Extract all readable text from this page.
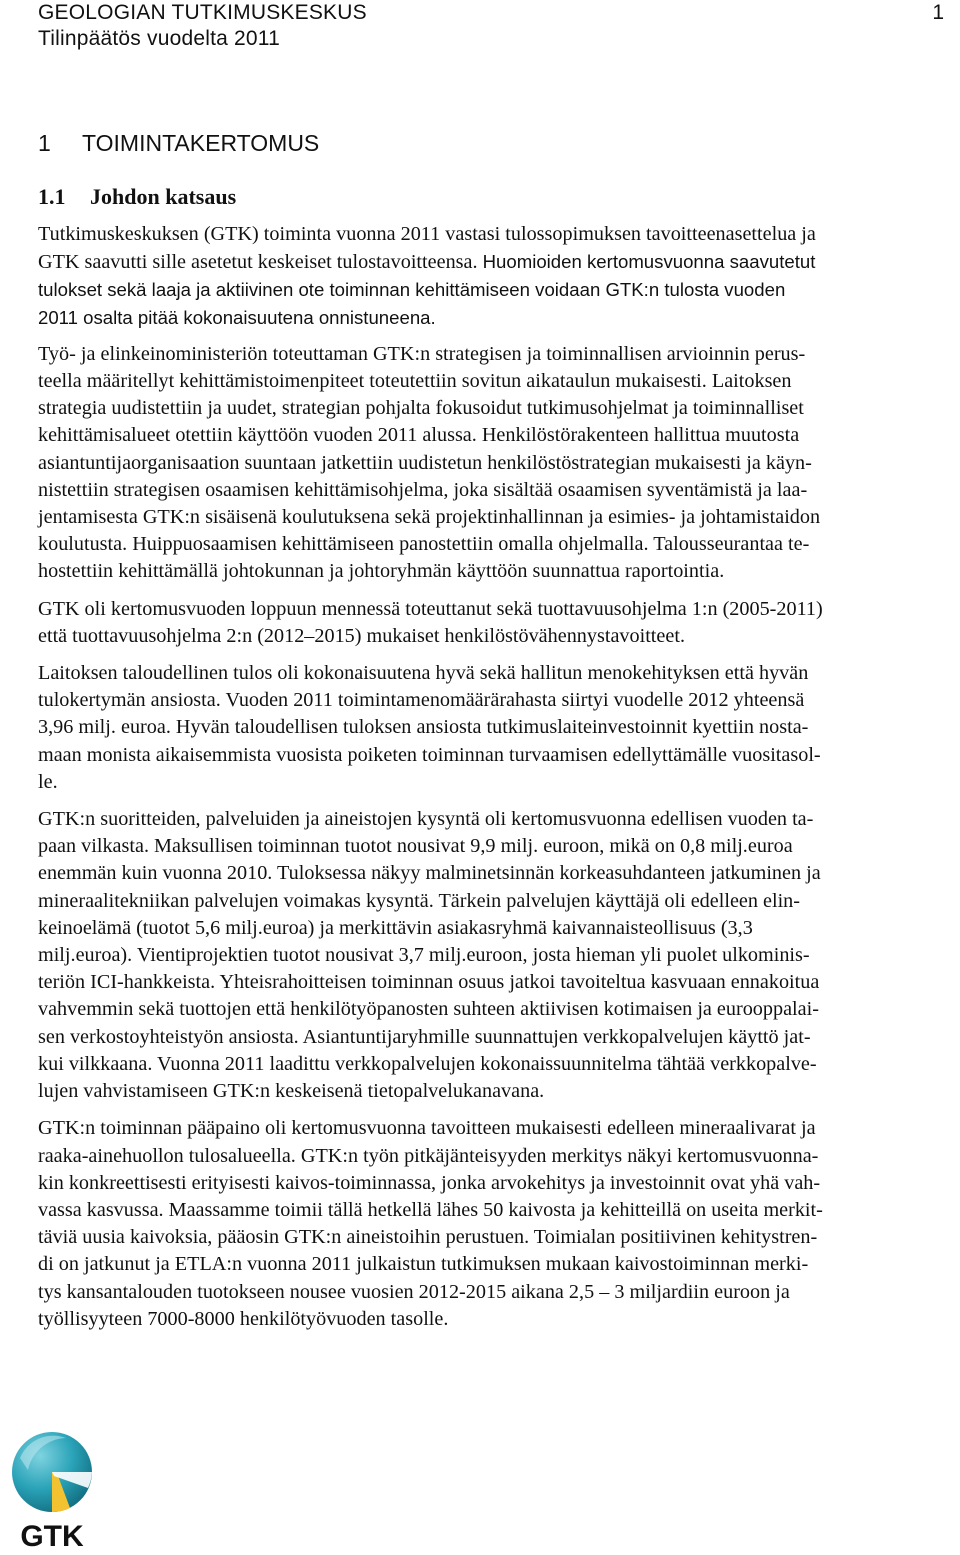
GEOLOGIAN TUTKIMUSKESKUS
Tilinpäätös vuodelta 2011
1
1 TOIMINTAKERTOMUS
1.1 Johdon katsaus

Tutkimuskeskuksen (GTK) toiminta vuonna 2011 vastasi tulossopimuksen tavoitteenasettelua ja
GTK saavutti sille asetetut keskeiset tulostavoitteensa. Huomioiden kertomusvuonna saavutetut
tulokset sekä laaja ja aktiivinen ote toiminnan kehittämiseen voidaan GTK:n tulosta vuoden
2011 osalta pitää kokonaisuutena onnistuneena.

Työ- ja elinkeinoministeriön toteuttaman GTK:n strategisen ja toiminnallisen arvioinnin perus-
teella määritellyt kehittämistoimenpiteet toteutettiin sovitun aikataulun mukaisesti. Laitoksen
strategia uudistettiin ja uudet, strategian pohjalta fokusoidut tutkimusohjelmat ja toiminnalliset
kehittämisalueet otettiin käyttöön vuoden 2011 alussa. Henkilöstörakenteen hallittua muutosta
asiantuntijaorganisaation suuntaan jatkettiin uudistetun henkilöstöstrategian mukaisesti ja käyn-
nistettiin strategisen osaamisen kehittämisohjelma, joka sisältää osaamisen syventämistä ja laa-
jentamisesta GTK:n sisäisenä koulutuksena sekä projektinhallinnan ja esimies- ja johtamistaidon
koulutusta. Huippuosaamisen kehittämiseen panostettiin omalla ohjelmalla. Talousseurantaa te-
hostettiin kehittämällä johtokunnan ja johtoryhmän käyttöön suunnattua raportointia.

GTK oli kertomusvuoden loppuun mennessä toteuttanut sekä tuottavuusohjelma 1:n (2005-2011)
että tuottavuusohjelma 2:n (2012–2015) mukaiset henkilöstövähennystavoitteet.

Laitoksen taloudellinen tulos oli kokonaisuutena hyvä sekä hallitun menokehityksen että hyvän
tulokertymän ansiosta. Vuoden 2011 toimintamenomäärärahasta siirtyi vuodelle 2012 yhteensä
3,96 milj. euroa. Hyvän taloudellisen tuloksen ansiosta tutkimuslaiteinvestoinnit kyettiin nosta-
maan monista aikaisemmista vuosista poiketen toiminnan turvaamisen edellyttämälle vuositasol-
le.

GTK:n suoritteiden, palveluiden ja aineistojen kysyntä oli kertomusvuonna edellisen vuoden ta-
paan vilkasta. Maksullisen toiminnan tuotot nousivat 9,9 milj. euroon, mikä on 0,8 milj.euroa
enemmän kuin vuonna 2010. Tuloksessa näkyy malminetsinnän korkeasuhdanteen jatkuminen ja
mineraalitekniikan palvelujen voimakas kysyntä. Tärkein palvelujen käyttäjä oli edelleen elin-
keinoelämä (tuotot 5,6 milj.euroa) ja merkittävin asiakasryhmä kaivannaisteollisuus (3,3
milj.euroa). Vientiprojektien tuotot nousivat 3,7 milj.euroon, josta hieman yli puolet ulkominis-
teriön ICI-hankkeista. Yhteisrahoitteisen toiminnan osuus jatkoi tavoiteltua kasvuaan ennakoitua
vahvemmin sekä tuottojen että henkilötyöpanosten suhteen aktiivisen kotimaisen ja eurooppalai-
sen verkostoyhteistyön ansiosta. Asiantuntijaryhmille suunnattujen verkkopalvelujen käyttö jat-
kui vilkkaana. Vuonna 2011 laadittu verkkopalvelujen kokonaissuunnitelma tähtää verkkopalve-
lujen vahvistamiseen GTK:n keskeisenä tietopalvelukanavana.

GTK:n toiminnan pääpaino oli kertomusvuonna tavoitteen mukaisesti edelleen mineraalivarat ja
raaka-ainehuollon tulosalueella. GTK:n työn pitkäjänteisyyden merkitys näkyi kertomusvuonna-
kin konkreettisesti erityisesti kaivos-toiminnassa, jonka arvokehitys ja investoinnit ovat yhä vah-
vassa kasvussa. Maassamme toimii tällä hetkellä lähes 50 kaivosta ja kehitteillä on useita merkit-
täviä uusia kaivoksia, pääosin GTK:n aineistoihin perustuen. Toimialan positiivinen kehitystren-
di on jatkunut ja ETLA:n vuonna 2011 julkaistun tutkimuksen mukaan kaivostoiminnan merki-
tys kansantalouden tuotokseen nousee vuosien 2012-2015 aikana 2,5 – 3 miljardiin euroon ja
työllisyyteen 7000-8000 henkilötyövuoden tasolle.

GTK
